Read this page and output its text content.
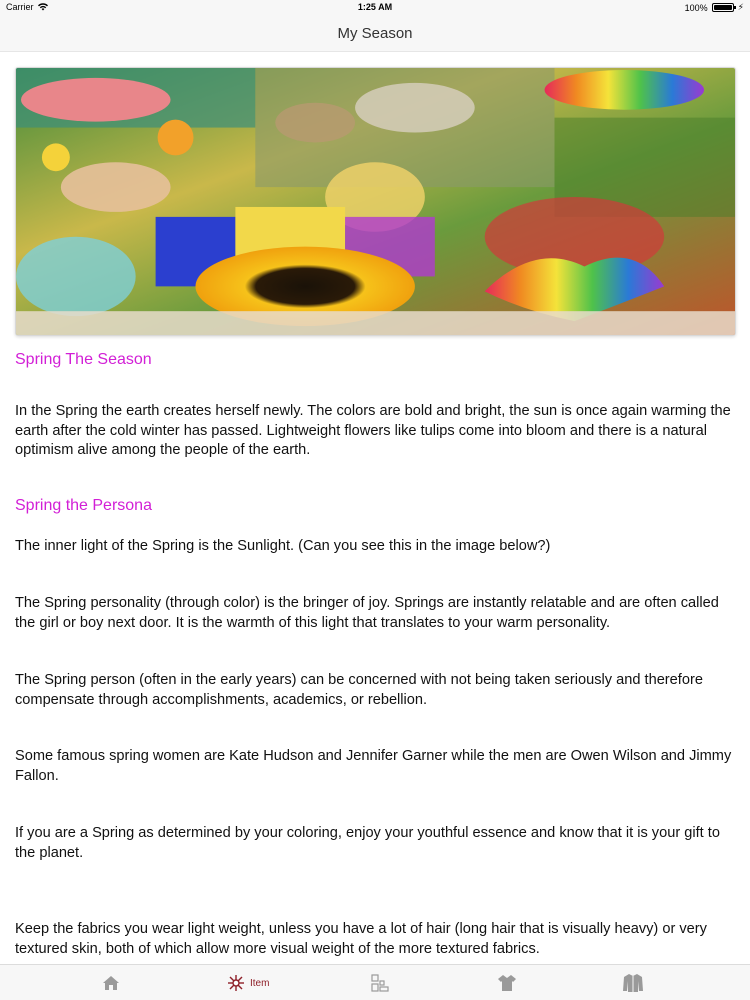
Carrier	1:25 AM	100%	⚡
My Season
Spring The Season
In the Spring the earth creates herself newly. The colors are bold and bright, the sun is once again warming the earth after the cold winter has passed. Lightweight flowers like tulips come into bloom and there is a natural optimism alive among the people of the earth.
Spring the Persona
The inner light of the Spring is the Sunlight. (Can you see this in the image below?)
The Spring personality (through color) is the bringer of joy. Springs are instantly relatable and are often called the girl or boy next door. It is the warmth of this light that translates to your warm personality.
The Spring person (often in the early years) can be concerned with not being taken seriously and therefore compensate through accomplishments, academics, or rebellion.
Some famous spring women are Kate Hudson and Jennifer Garner while the men are Owen Wilson and Jimmy Fallon.
If you are a Spring as determined by your coloring, enjoy your youthful essence and know that it is your gift to the planet.
Keep the fabrics you wear light weight, unless you have a lot of hair (long hair that is visually heavy) or very textured skin, both of which allow more visual weight of the more textured fabrics.
Item
